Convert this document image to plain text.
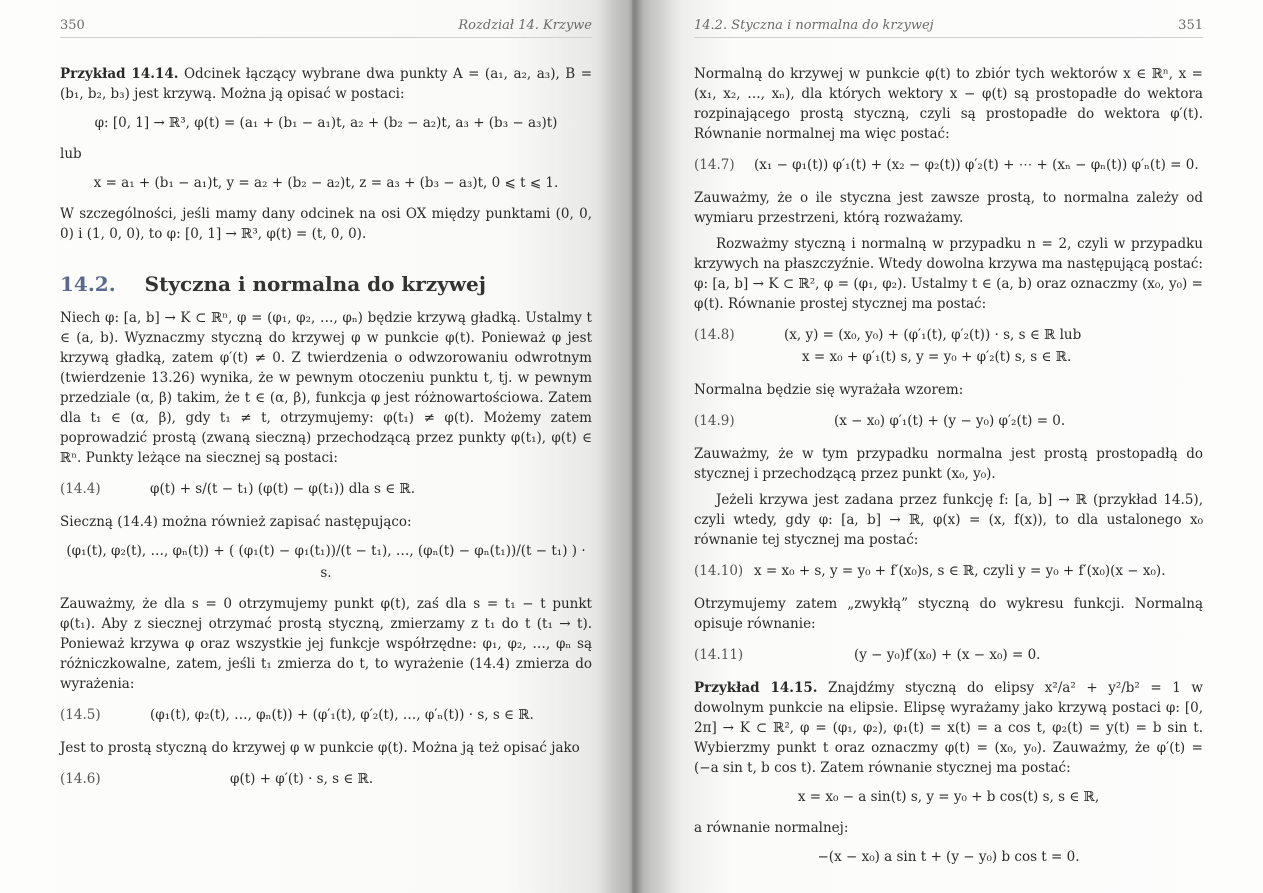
350	Rozdział 14. Krzywe

Przykład 14.14. Odcinek łączący wybrane dwa punkty A = (a₁, a₂, a₃), B = (b₁, b₂, b₃) jest krzywą. Można ją opisać w postaci:

φ: [0, 1] → ℝ³, φ(t) = (a₁ + (b₁ − a₁)t, a₂ + (b₂ − a₂)t, a₃ + (b₃ − a₃)t)

lub

x = a₁ + (b₁ − a₁)t, y = a₂ + (b₂ − a₂)t, z = a₃ + (b₃ − a₃)t, 0 ⩽ t ⩽ 1.

W szczególności, jeśli mamy dany odcinek na osi OX między punktami (0, 0, 0) i (1, 0, 0), to φ: [0, 1] → ℝ³, φ(t) = (t, 0, 0).

14.2. Styczna i normalna do krzywej

Niech φ: [a, b] → K ⊂ ℝⁿ, φ = (φ₁, φ₂, …, φₙ) będzie krzywą gładką. Ustalmy t ∈ (a, b). Wyznaczmy styczną do krzywej φ w punkcie φ(t). Ponieważ φ jest krzywą gładką, zatem φ′(t) ≠ 0. Z twierdzenia o odwzorowaniu odwrotnym (twierdzenie 13.26) wynika, że w pewnym otoczeniu punktu t, tj. w pewnym przedziale (α, β) takim, że t ∈ (α, β), funkcja φ jest różnowartościowa. Zatem dla t₁ ∈ (α, β), gdy t₁ ≠ t, otrzymujemy: φ(t₁) ≠ φ(t). Możemy zatem poprowadzić prostą (zwaną sieczną) przechodzącą przez punkty φ(t₁), φ(t) ∈ ℝⁿ. Punkty leżące na siecznej są postaci:

(14.4)	φ(t) + s/(t − t₁) (φ(t) − φ(t₁)) dla s ∈ ℝ.

Sieczną (14.4) można również zapisać następująco:

(φ₁(t), φ₂(t), …, φₙ(t)) + ( (φ₁(t) − φ₁(t₁))/(t − t₁), …, (φₙ(t) − φₙ(t₁))/(t − t₁) ) · s.

Zauważmy, że dla s = 0 otrzymujemy punkt φ(t), zaś dla s = t₁ − t punkt φ(t₁). Aby z siecznej otrzymać prostą styczną, zmierzamy z t₁ do t (t₁ → t). Ponieważ krzywa φ oraz wszystkie jej funkcje współrzędne: φ₁, φ₂, …, φₙ są różniczkowalne, zatem, jeśli t₁ zmierza do t, to wyrażenie (14.4) zmierza do wyrażenia:

(14.5)	(φ₁(t), φ₂(t), …, φₙ(t)) + (φ′₁(t), φ′₂(t), …, φ′ₙ(t)) · s, s ∈ ℝ.

Jest to prostą styczną do krzywej φ w punkcie φ(t). Można ją też opisać jako

(14.6)	φ(t) + φ′(t) · s, s ∈ ℝ.
14.2. Styczna i normalna do krzywej	351

Normalną do krzywej w punkcie φ(t) to zbiór tych wektorów x ∈ ℝⁿ, x = (x₁, x₂, …, xₙ), dla których wektory x − φ(t) są prostopadłe do wektora rozpinającego prostą styczną, czyli są prostopadłe do wektora φ′(t). Równanie normalnej ma więc postać:

(14.7)	(x₁ − φ₁(t)) φ′₁(t) + (x₂ − φ₂(t)) φ′₂(t) + ⋯ + (xₙ − φₙ(t)) φ′ₙ(t) = 0.

Zauważmy, że o ile styczna jest zawsze prostą, to normalna zależy od wymiaru przestrzeni, którą rozważamy.

Rozważmy styczną i normalną w przypadku n = 2, czyli w przypadku krzywych na płaszczyźnie. Wtedy dowolna krzywa ma następującą postać: φ: [a, b] → K ⊂ ℝ², φ = (φ₁, φ₂). Ustalmy t ∈ (a, b) oraz oznaczmy (x₀, y₀) = φ(t). Równanie prostej stycznej ma postać:

(14.8)	(x, y) = (x₀, y₀) + (φ′₁(t), φ′₂(t)) · s, s ∈ ℝ lub
x = x₀ + φ′₁(t) s, y = y₀ + φ′₂(t) s, s ∈ ℝ.

Normalna będzie się wyrażała wzorem:

(14.9)	(x − x₀) φ′₁(t) + (y − y₀) φ′₂(t) = 0.

Zauważmy, że w tym przypadku normalna jest prostą prostopadłą do stycznej i przechodzącą przez punkt (x₀, y₀).

Jeżeli krzywa jest zadana przez funkcję f: [a, b] → ℝ (przykład 14.5), czyli wtedy, gdy φ: [a, b] → ℝ, φ(x) = (x, f(x)), to dla ustalonego x₀ równanie tej stycznej ma postać:

(14.10) x = x₀ + s, y = y₀ + f′(x₀)s, s ∈ ℝ, czyli y = y₀ + f′(x₀)(x − x₀).

Otrzymujemy zatem „zwykłą” styczną do wykresu funkcji. Normalną opisuje równanie:

(14.11)	(y − y₀)f′(x₀) + (x − x₀) = 0.

Przykład 14.15. Znajdźmy styczną do elipsy x²/a² + y²/b² = 1 w dowolnym punkcie na elipsie. Elipsę wyrażamy jako krzywą postaci φ: [0, 2π] → K ⊂ ℝ², φ = (φ₁, φ₂), φ₁(t) = x(t) = a cos t, φ₂(t) = y(t) = b sin t. Wybierzmy punkt t oraz oznaczmy φ(t) = (x₀, y₀). Zauważmy, że φ′(t) = (−a sin t, b cos t). Zatem równanie stycznej ma postać:

x = x₀ − a sin(t) s, y = y₀ + b cos(t) s, s ∈ ℝ,

a równanie normalnej:

−(x − x₀) a sin t + (y − y₀) b cos t = 0.
